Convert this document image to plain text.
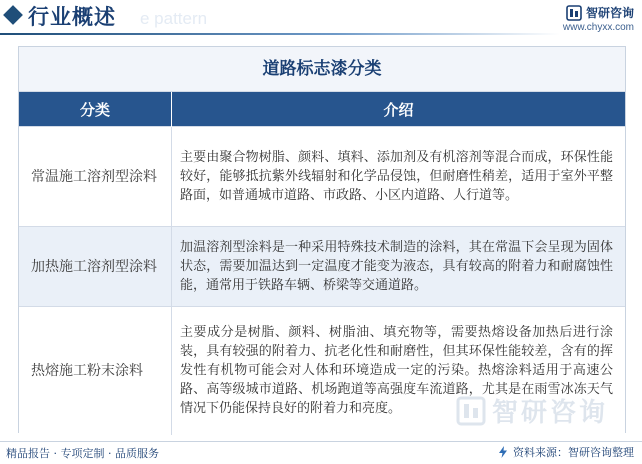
行业概述 e pattern	智研咨询
www.chyxx.com
道路标志漆分类
分类	介绍
常温施工溶剂型涂料	主要由聚合物树脂、颜料、填料、添加剂及有机溶剂等混合而成，环保性能较好，能够抵抗紫外线辐射和化学品侵蚀，但耐磨性稍差，适用于室外平整路面，如普通城市道路、市政路、小区内道路、人行道等。
加热施工溶剂型涂料	加温溶剂型涂料是一种采用特殊技术制造的涂料，其在常温下会呈现为固体状态，需要加温达到一定温度才能变为液态，具有较高的附着力和耐腐蚀性能，通常用于铁路车辆、桥梁等交通道路。
热熔施工粉末涂料	主要成分是树脂、颜料、树脂油、填充物等，需要热熔设备加热后进行涂装，具有较强的附着力、抗老化性和耐磨性，但其环保性能较差，含有的挥发性有机物可能会对人体和环境造成一定的污染。热熔涂料适用于高速公路、高等级城市道路、机场跑道等高强度车流道路，尤其是在雨雪冰冻天气情况下仍能保持良好的附着力和亮度。	智研咨询
精品报告 · 专项定制 · 品质服务	资料来源：智研咨询整理
